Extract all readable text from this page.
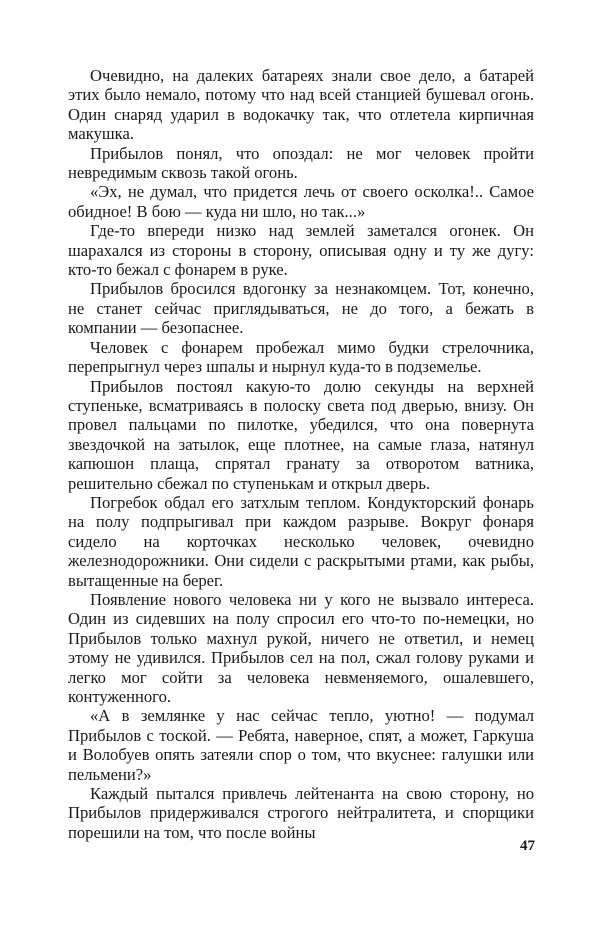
Очевидно, на далеких батареях знали свое дело, а батарей этих было немало, потому что над всей станцией бушевал огонь. Один снаряд ударил в водокачку так, что отлетела кирпичная макушка.

Прибылов понял, что опоздал: не мог человек пройти невредимым сквозь такой огонь.

«Эх, не думал, что придется лечь от своего осколка!.. Самое обидное! В бою — куда ни шло, но так...»

Где-то впереди низко над землей заметался огонек. Он шарахался из стороны в сторону, описывая одну и ту же дугу: кто-то бежал с фонарем в руке.

Прибылов бросился вдогонку за незнакомцем. Тот, конечно, не станет сейчас приглядываться, не до того, а бежать в компании — безопаснее.

Человек с фонарем пробежал мимо будки стрелочника, перепрыгнул через шпалы и нырнул куда-то в подземелье.

Прибылов постоял какую-то долю секунды на верхней ступеньке, всматриваясь в полоску света под дверью, внизу. Он провел пальцами по пилотке, убедился, что она повернута звездочкой на затылок, еще плотнее, на самые глаза, натянул капюшон плаща, спрятал гранату за отворотом ватника, решительно сбежал по ступенькам и открыл дверь.

Погребок обдал его затхлым теплом. Кондукторский фонарь на полу подпрыгивал при каждом разрыве. Вокруг фонаря сидело на корточках несколько человек, очевидно железнодорожники. Они сидели с раскрытыми ртами, как рыбы, вытащенные на берег.

Появление нового человека ни у кого не вызвало интереса. Один из сидевших на полу спросил его что-то по-немецки, но Прибылов только махнул рукой, ничего не ответил, и немец этому не удивился. Прибылов сел на пол, сжал голову руками и легко мог сойти за человека невменяемого, ошалевшего, контуженного.

«А в землянке у нас сейчас тепло, уютно! — подумал Прибылов с тоской. — Ребята, наверное, спят, а может, Гаркуша и Волобуев опять затеяли спор о том, что вкуснее: галушки или пельмени?»

Каждый пытался привлечь лейтенанта на свою сторону, но Прибылов придерживался строгого нейтралитета, и спорщики порешили на том, что после войны

47
